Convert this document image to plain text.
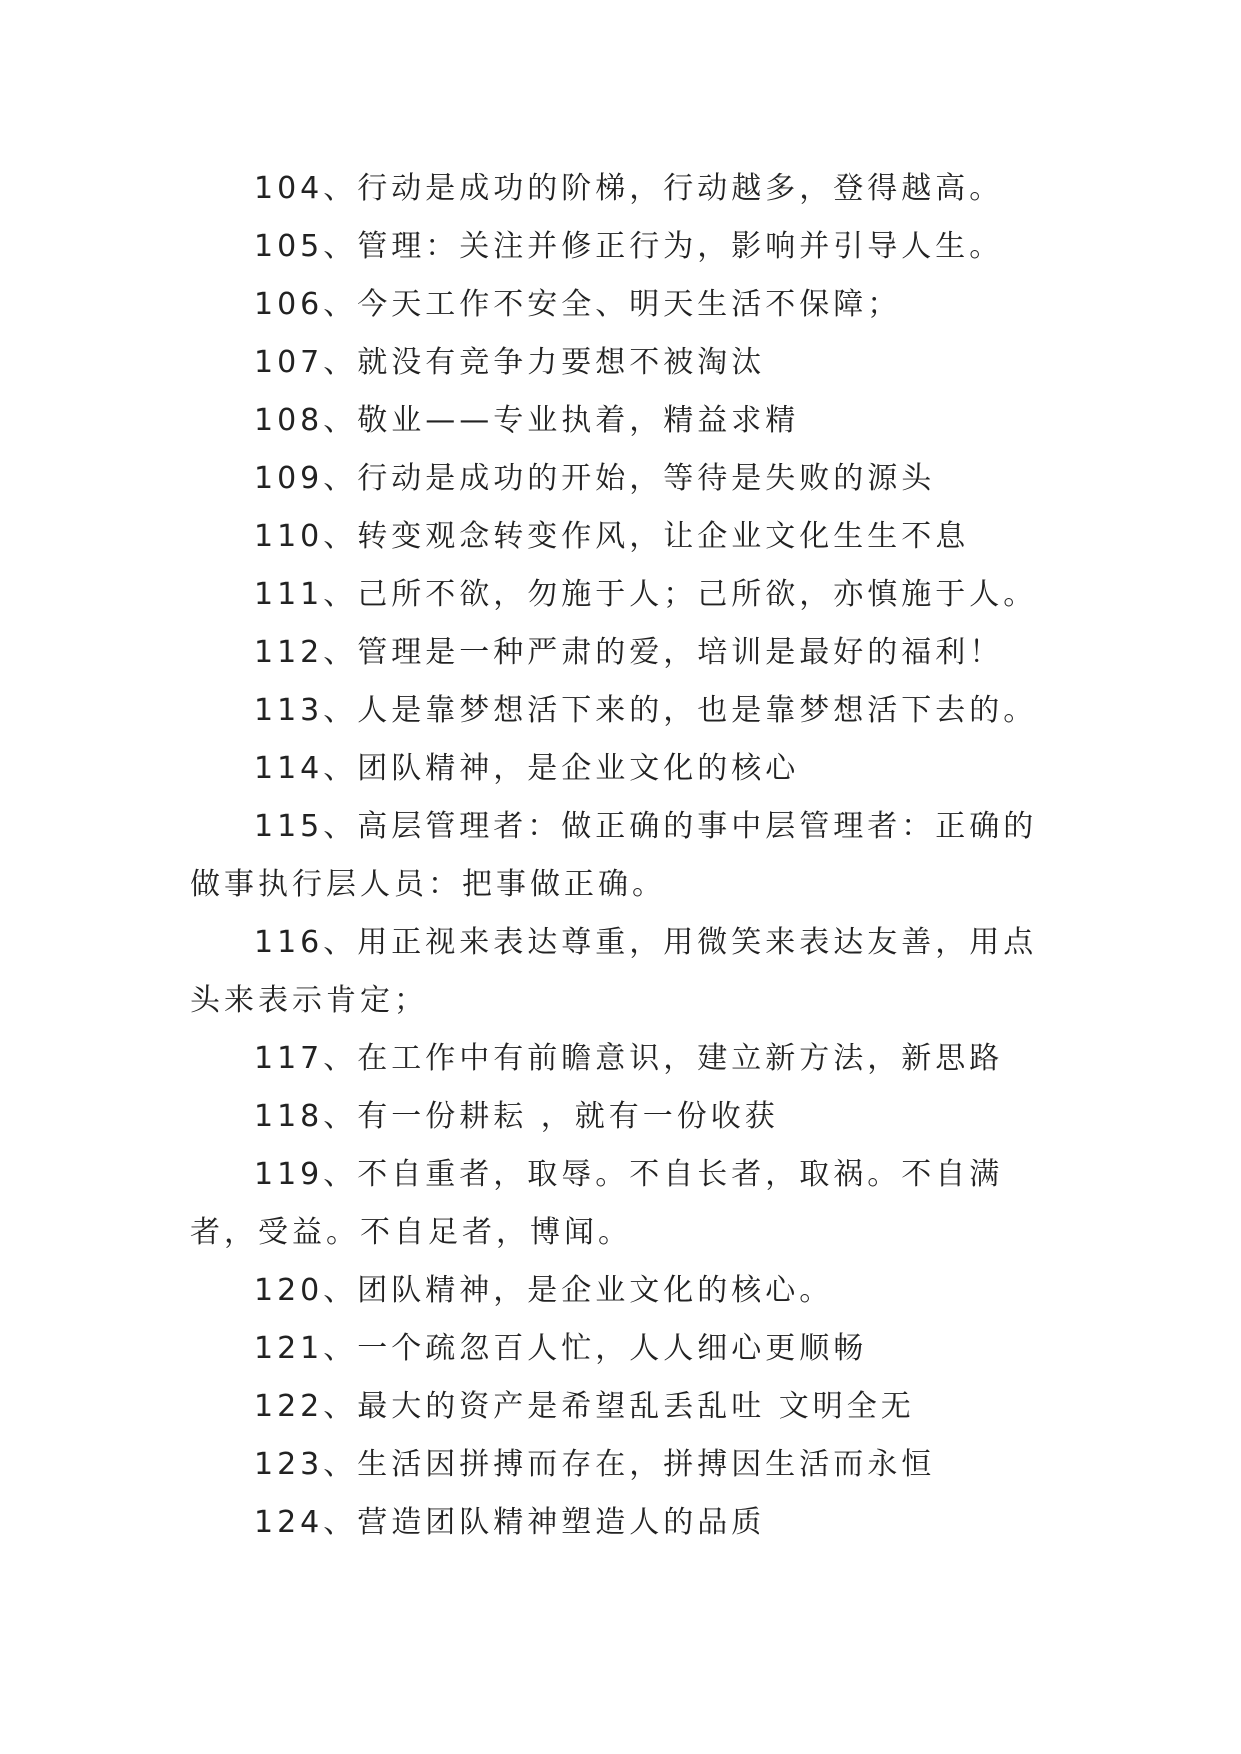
104、行动是成功的阶梯，行动越多，登得越高。

105、管理：关注并修正行为，影响并引导人生。

106、今天工作不安全、明天生活不保障；

107、就没有竞争力要想不被淘汰

108、敬业——专业执着，精益求精

109、行动是成功的开始，等待是失败的源头

110、转变观念转变作风，让企业文化生生不息

111、己所不欲，勿施于人；己所欲，亦慎施于人。

112、管理是一种严肃的爱，培训是最好的福利！

113、人是靠梦想活下来的，也是靠梦想活下去的。

114、团队精神，是企业文化的核心

115、高层管理者：做正确的事中层管理者：正确的做事执行层人员：把事做正确。

116、用正视来表达尊重，用微笑来表达友善，用点头来表示肯定；

117、在工作中有前瞻意识，建立新方法，新思路

118、有一份耕耘 ，就有一份收获

119、不自重者，取辱。不自长者，取祸。不自满者，受益。不自足者，博闻。

120、团队精神，是企业文化的核心。

121、一个疏忽百人忙，人人细心更顺畅

122、最大的资产是希望乱丢乱吐 文明全无

123、生活因拼搏而存在，拼搏因生活而永恒

124、营造团队精神塑造人的品质
